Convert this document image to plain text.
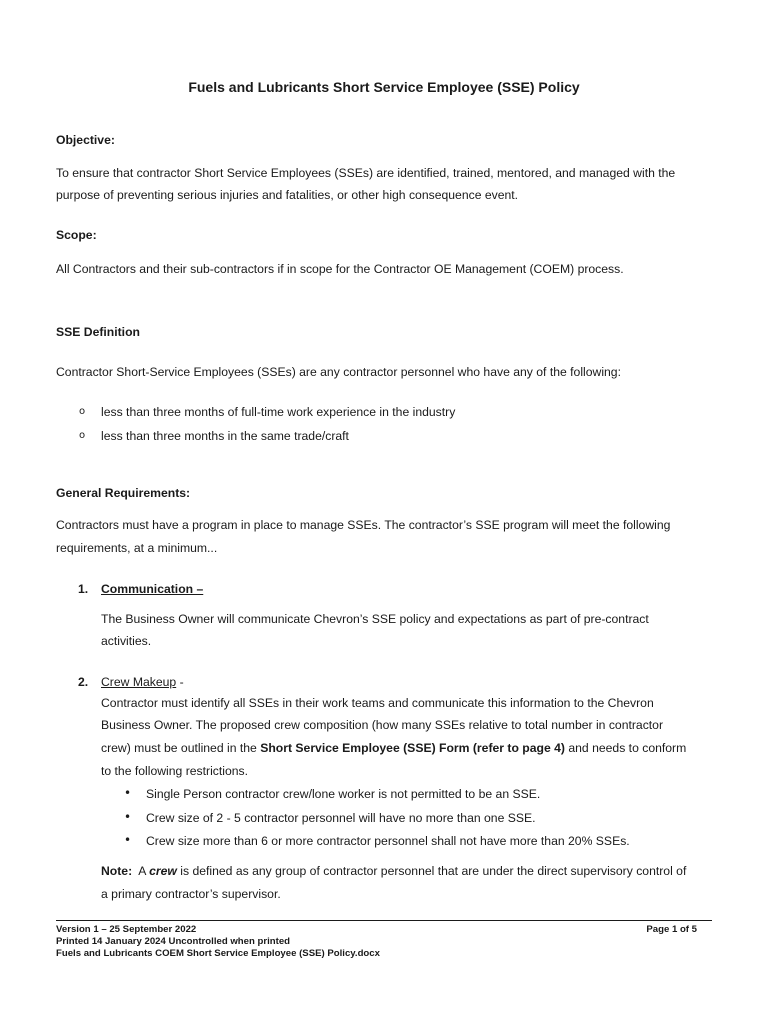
Fuels and Lubricants Short Service Employee (SSE) Policy
Objective:
To ensure that contractor Short Service Employees (SSEs) are identified, trained, mentored, and managed with the
purpose of preventing serious injuries and fatalities, or other high consequence event.
Scope:
All Contractors and their sub-contractors if in scope for the Contractor OE Management (COEM) process.
SSE Definition
Contractor Short-Service Employees (SSEs) are any contractor personnel who have any of the following:
o less than three months of full-time work experience in the industry
o less than three months in the same trade/craft
General Requirements:
Contractors must have a program in place to manage SSEs. The contractor’s SSE program will meet the following
requirements, at a minimum...
1. Communication –
The Business Owner will communicate Chevron’s SSE policy and expectations as part of pre-contract
activities.
2. Crew Makeup -
Contractor must identify all SSEs in their work teams and communicate this information to the Chevron
Business Owner. The proposed crew composition (how many SSEs relative to total number in contractor
crew) must be outlined in the Short Service Employee (SSE) Form (refer to page 4) and needs to conform
to the following restrictions.
• Single Person contractor crew/lone worker is not permitted to be an SSE.
• Crew size of 2 - 5 contractor personnel will have no more than one SSE.
• Crew size more than 6 or more contractor personnel shall not have more than 20% SSEs.
Note:  A crew is defined as any group of contractor personnel that are under the direct supervisory control of
a primary contractor’s supervisor.
Version 1 – 25 September 2022	Page 1 of 5
Printed 14 January 2024 Uncontrolled when printed
Fuels and Lubricants COEM Short Service Employee (SSE) Policy.docx
